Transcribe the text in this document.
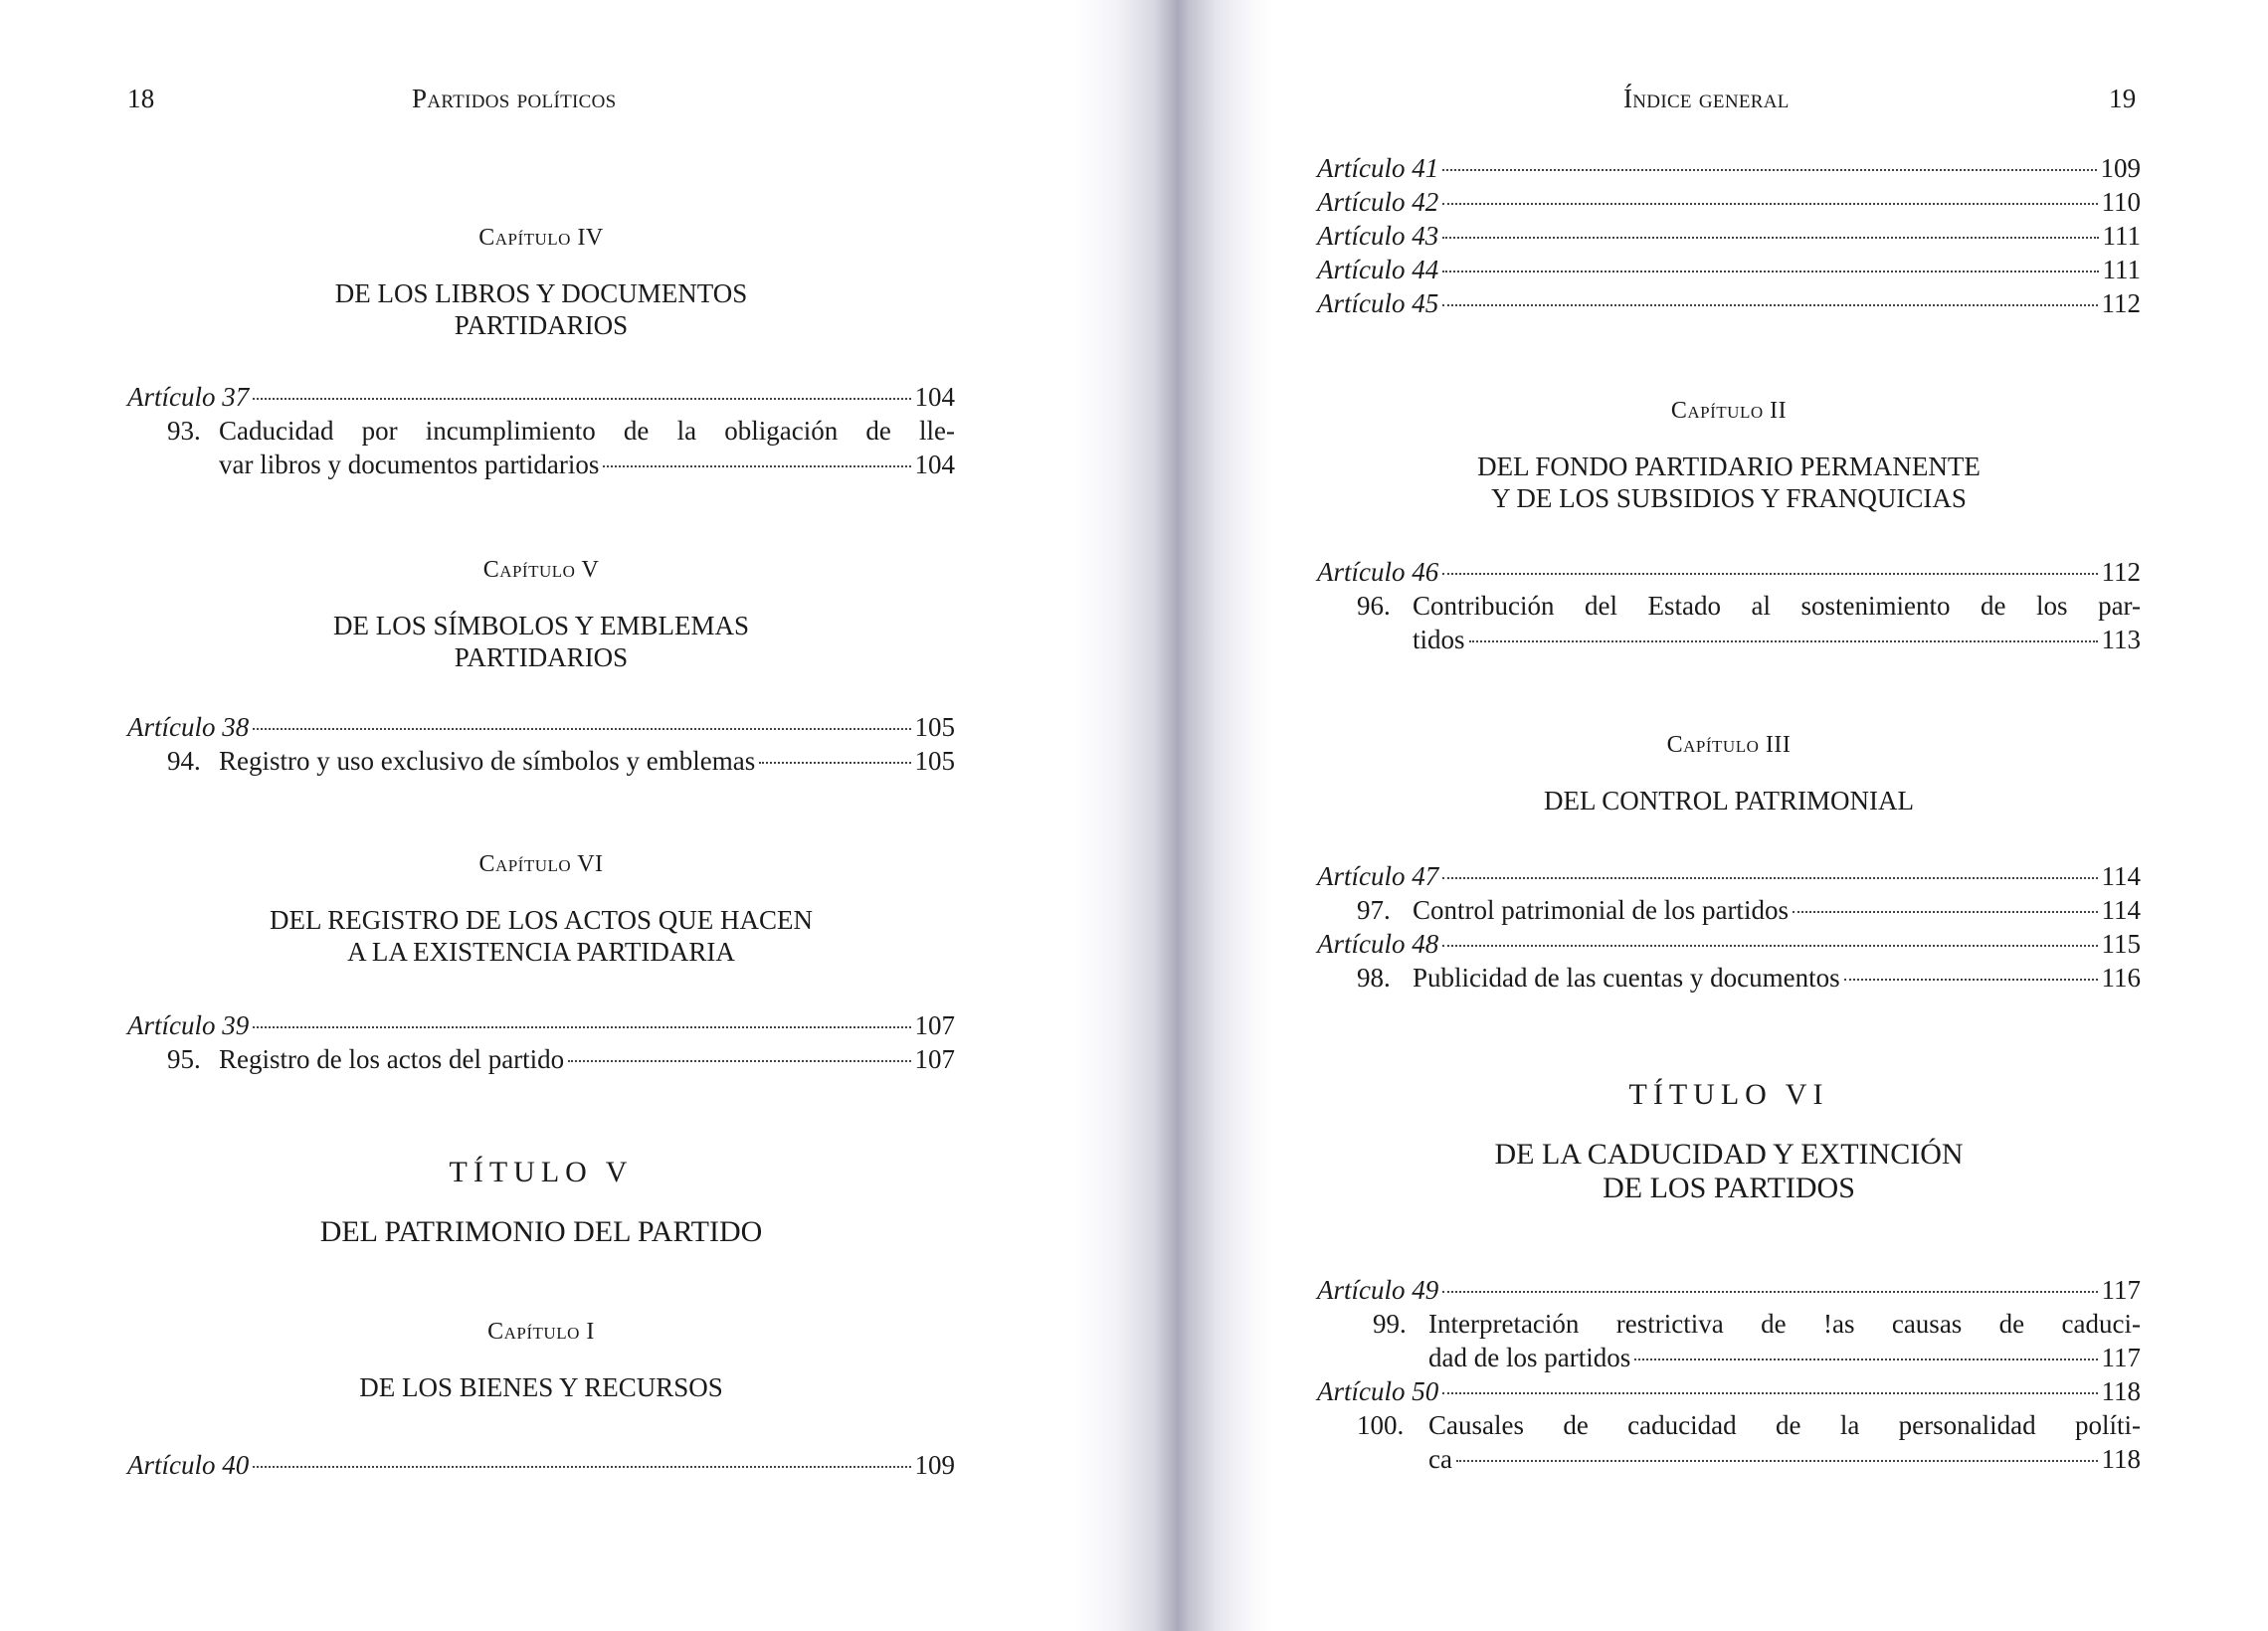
18	Partidos políticos
Capítulo IV
DE LOS LIBROS Y DOCUMENTOS
PARTIDARIOS
Artículo 37	104
93. Caducidad por incumplimiento de la obligación de lle-
var libros y documentos partidarios	104
Capítulo V
DE LOS SÍMBOLOS Y EMBLEMAS
PARTIDARIOS
Artículo 38	105
94. Registro y uso exclusivo de símbolos y emblemas	105
Capítulo VI
DEL REGISTRO DE LOS ACTOS QUE HACEN
A LA EXISTENCIA PARTIDARIA
Artículo 39	107
95. Registro de los actos del partido	107
TÍTULO V
DEL PATRIMONIO DEL PARTIDO
Capítulo I
DE LOS BIENES Y RECURSOS
Artículo 40	109
Índice general	19
Artículo 41	109
Artículo 42	110
Artículo 43	111
Artículo 44	111
Artículo 45	112
Capítulo II
DEL FONDO PARTIDARIO PERMANENTE
Y DE LOS SUBSIDIOS Y FRANQUICIAS
Artículo 46	112
96. Contribución del Estado al sostenimiento de los par-
tidos	113
Capítulo III
DEL CONTROL PATRIMONIAL
Artículo 47	114
97. Control patrimonial de los partidos	114
Artículo 48	115
98. Publicidad de las cuentas y documentos	116
TÍTULO VI
DE LA CADUCIDAD Y EXTINCIÓN
DE LOS PARTIDOS
Artículo 49	117
99. Interpretación restrictiva de !as causas de caduci-
dad de los partidos	117
Artículo 50	118
100. Causales de caducidad de la personalidad políti-
ca	118
